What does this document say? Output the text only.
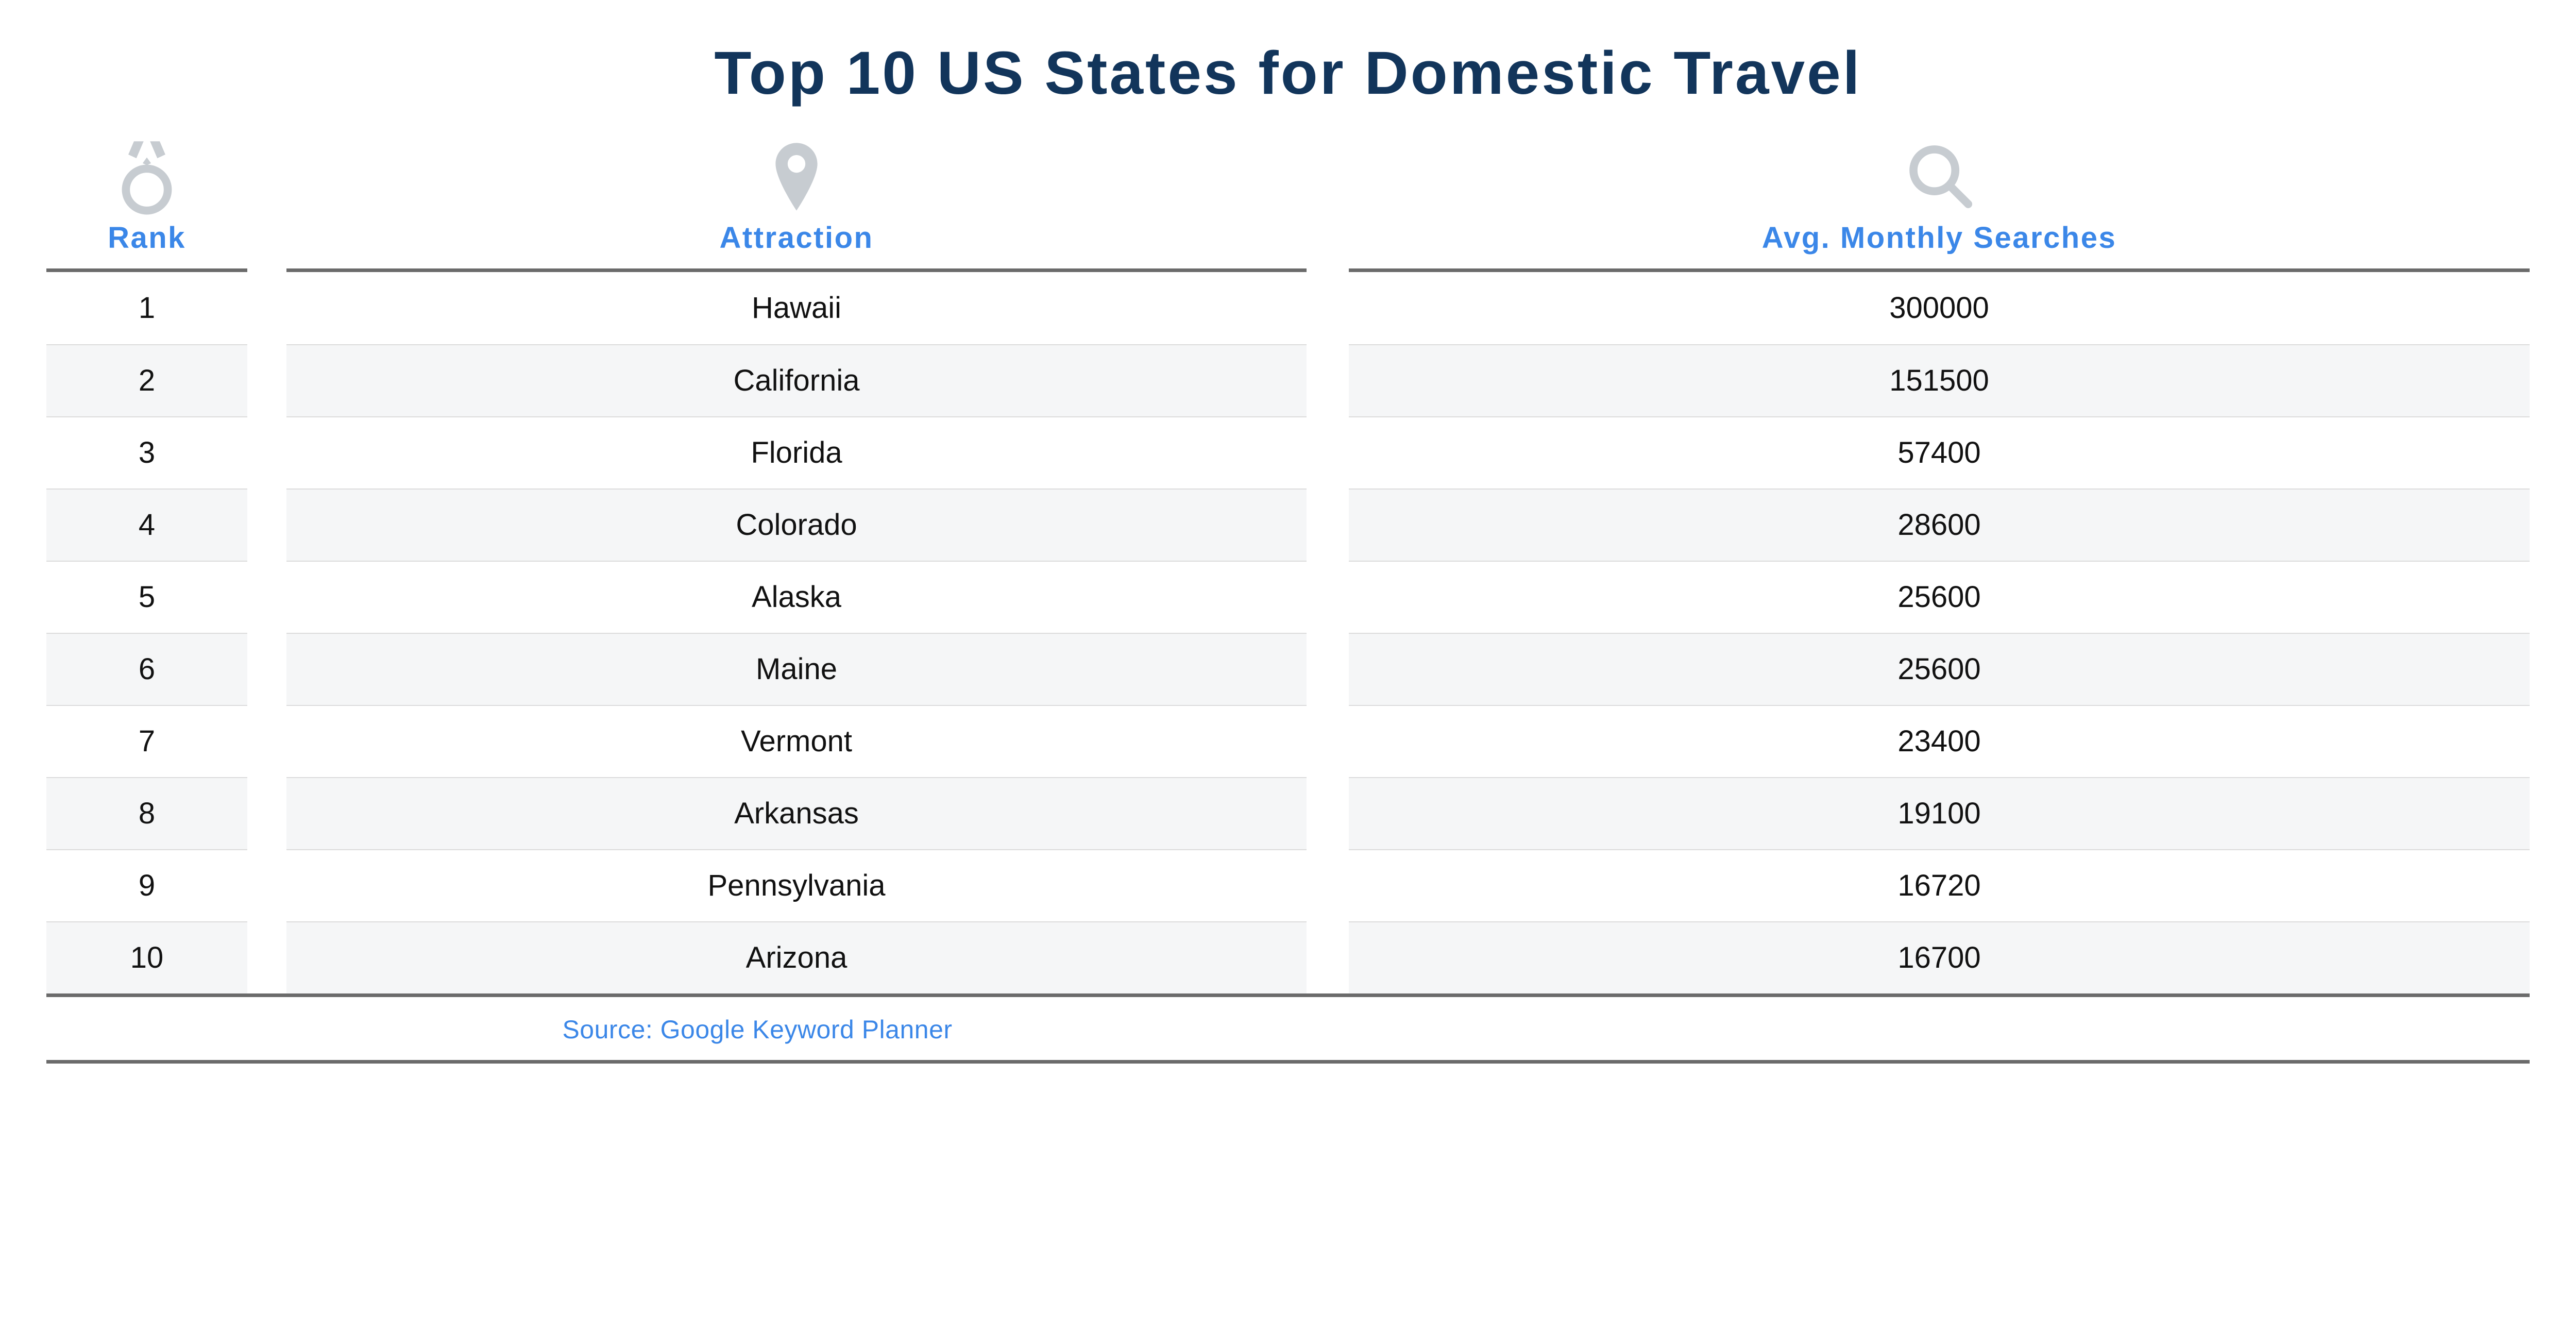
Top 10 US States for Domestic Travel
Rank	Attraction	Avg. Monthly Searches
1	Hawaii	300000
2	California	151500
3	Florida	57400
4	Colorado	28600
5	Alaska	25600
6	Maine	25600
7	Vermont	23400
8	Arkansas	19100
9	Pennsylvania	16720
10	Arizona	16700
Source: Google Keyword Planner
